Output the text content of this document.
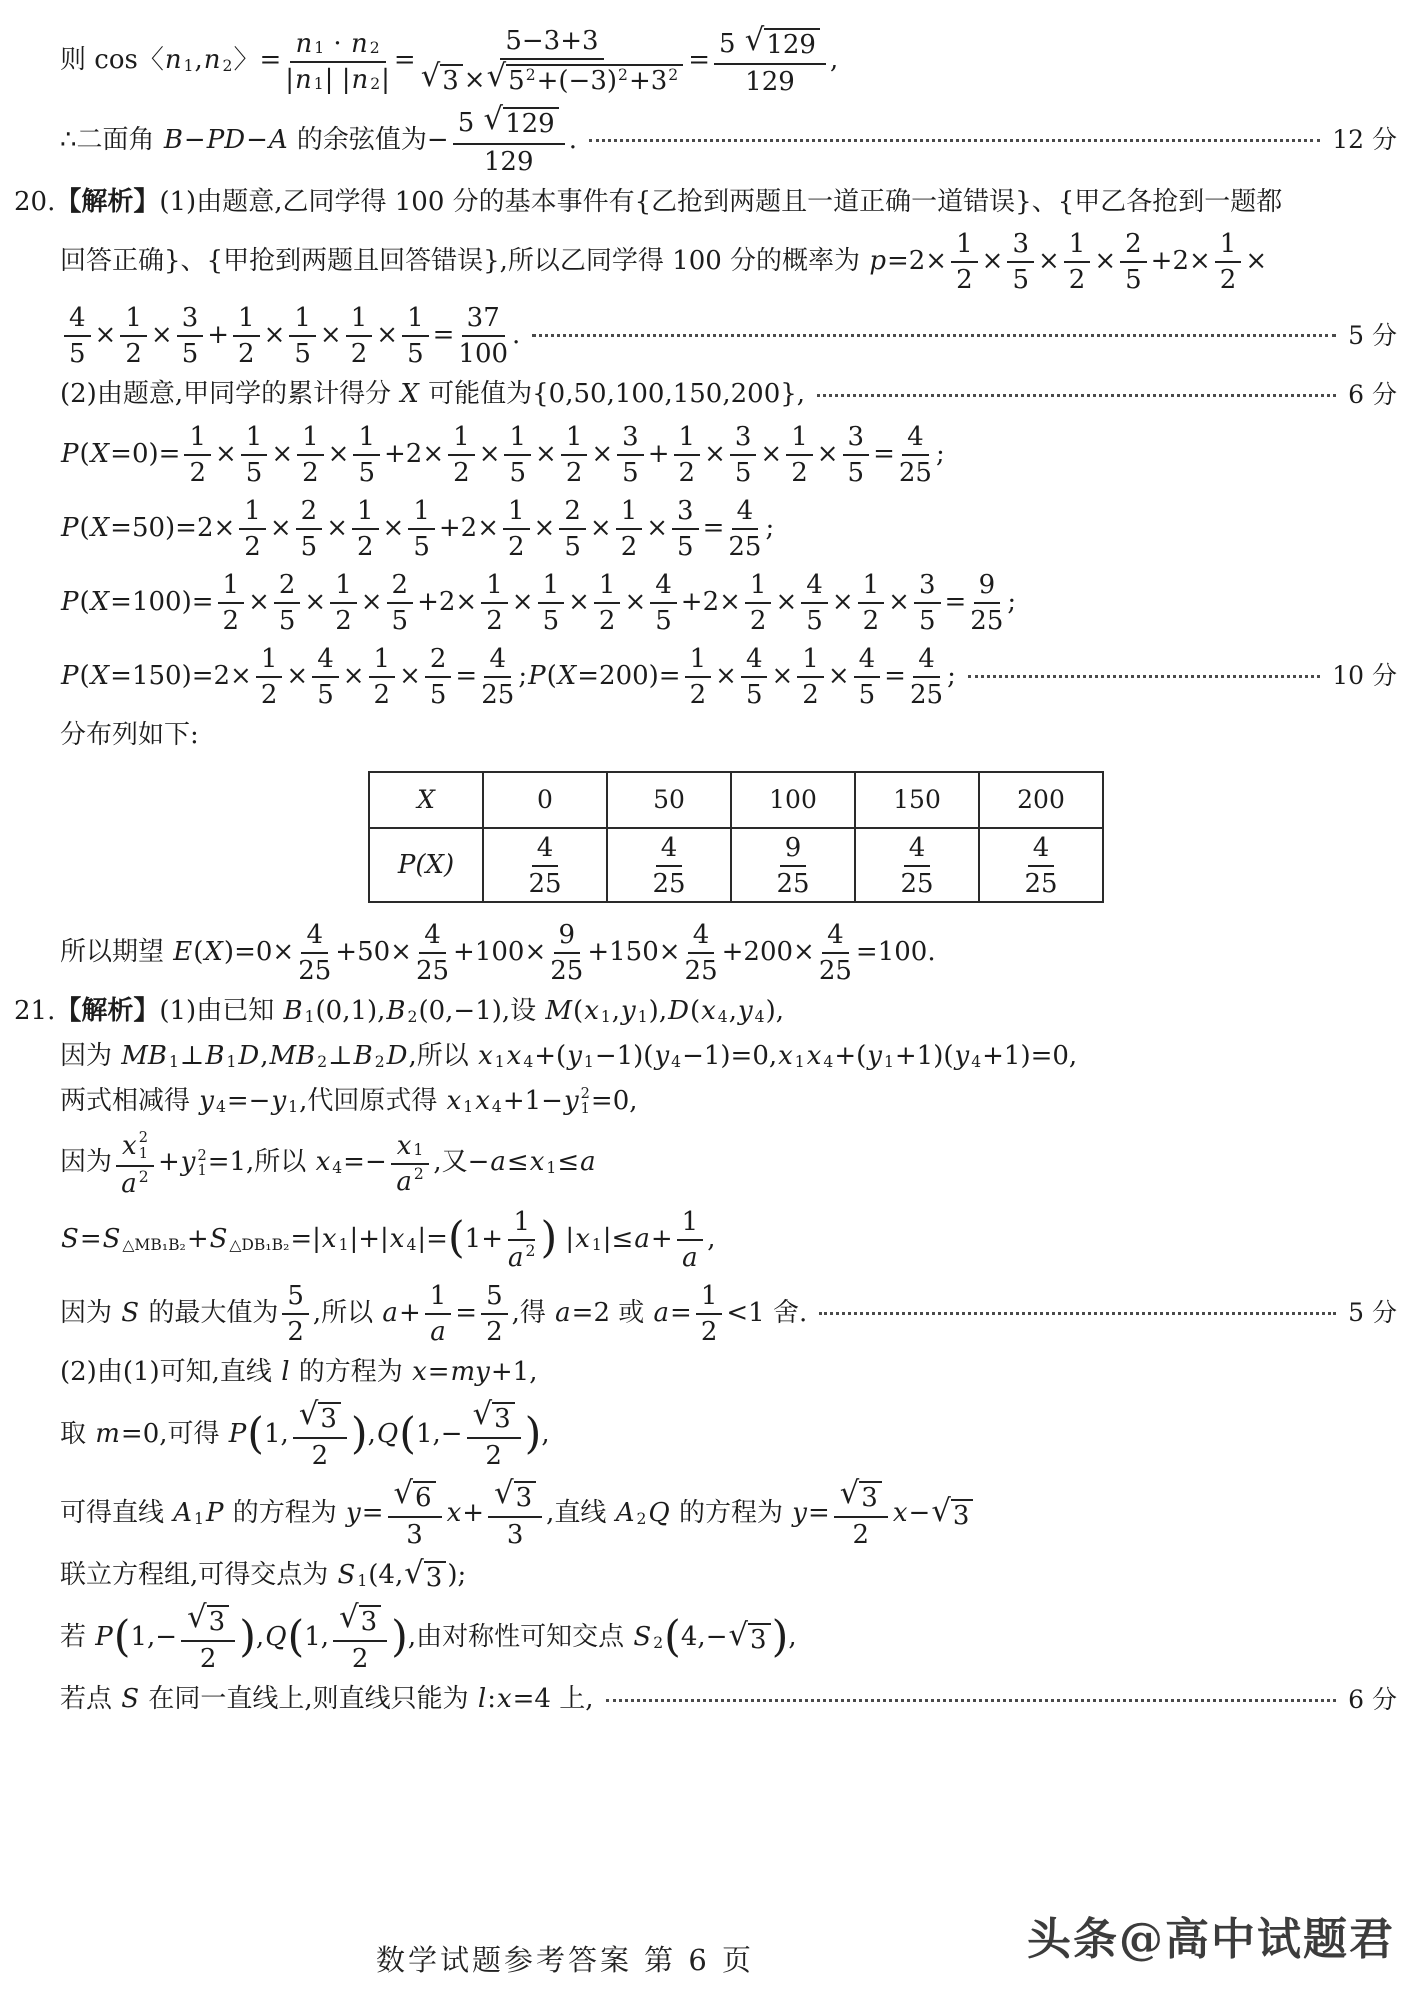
则 cos〈 n 1 , n 2 〉= $\frac{n 1 \cdot n 2}{| n 1 | | n 2 |} = \frac{5-3+3}{√ 3 \times √ 5 2 +(-3) 2 +3 2} = \frac{5 √ 129}{129}$ ,
∴二面角 B − PD − A 的余弦值为− $\frac{5 √ 129}{129}$ .	12 分
20. 【解析】 (1)由题意,乙同学得 100 分的基本事件有{乙抢到两题且一道正确一道错误}、{甲乙各抢到一题都
回答正确}、{甲抢到两题且回答错误},所以乙同学得 100 分的概率为 $p =2\times \frac{1}{2} \times \frac{3}{5} \times \frac{1}{2} \times \frac{2}{5} +2\times \frac{1}{2}$ ×
$\frac{4}{5} \times \frac{1}{2} \times \frac{3}{5} + \frac{1}{2} \times \frac{1}{5} \times \frac{1}{2} \times \frac{1}{5} = \frac{37}{100}$ .	5 分
(2)由题意,甲同学的累计得分 X 可能值为{0,50,100,150,200},	6 分
P ( $X =0)= \frac{1}{2} \times \frac{1}{5} \times \frac{1}{2} \times \frac{1}{5} +2\times \frac{1}{2} \times \frac{1}{5} \times \frac{1}{2} \times \frac{3}{5} + \frac{1}{2} \times \frac{3}{5} \times \frac{1}{2} \times \frac{3}{5} = \frac{4}{25}$ ;
P ( $X =50)=2\times \frac{1}{2} \times \frac{2}{5} \times \frac{1}{2} \times \frac{1}{5} +2\times \frac{1}{2} \times \frac{2}{5} \times \frac{1}{2} \times \frac{3}{5} = \frac{4}{25}$ ;
P ( $X =100)= \frac{1}{2} \times \frac{2}{5} \times \frac{1}{2} \times \frac{2}{5} +2\times \frac{1}{2} \times \frac{1}{5} \times \frac{1}{2} \times \frac{4}{5} +2\times \frac{1}{2} \times \frac{4}{5} \times \frac{1}{2} \times \frac{3}{5} = \frac{9}{25}$ ;
P ( $X =150)=2\times \frac{1}{2} \times \frac{4}{5} \times \frac{1}{2} \times \frac{2}{5} = \frac{4}{25}$ ; P ( $X =200)= \frac{1}{2} \times \frac{4}{5} \times \frac{1}{2} \times \frac{4}{5} = \frac{4}{25}$ ;	10 分
分布列如下:
X	0	50	100	150	200
P(X)	$\frac{4}{25}$	$\frac{4}{25}$	$\frac{9}{25}$	$\frac{4}{25}$	$\frac{4}{25}$
所以期望 E ( X )$=0\times \frac{4}{25} +50\times \frac{4}{25} +100\times \frac{9}{25} +150\times \frac{4}{25} +200\times \frac{4}{25} =100$.
21. 【解析】 (1)由已知 B 1 (0,1), B 2 (0,−1),设 M ( x 1 , y 1 ), D ( x 4 , y 4 ),
因为 MB 1 ⊥ B 1 D , MB 2 ⊥ B 2 D ,所以 x 1 x 4 +( y 1 −1)( y 4 −1)=0, x 1 x 4 +( y 1 +1)( y 4 +1)=0,
两式相减得 y 4 =− y 1 ,代回原式得 x 1 x 4 +1− y 2
1 =0,
因为 x 2
1
a 2 + y 2
1 =1,所以 x $4 =- \frac{x 1}{a 2}$ ,又− a ≤ x 1 ≤ a
S = S △MB₁B₂ + S △DB₁B₂ =| x 1 |+| x 4 |= ( $1+ \frac{1}{a 2}$ ) | x 1 |≤ $a + \frac{1}{a}$ ,
因为 S 的最大值为 $\frac{5}{2}$ ,所以 $a + \frac{1}{a} = \frac{5}{2}$ ,得 a =2 或 $a = \frac{1}{2} <1$ 舍.	5 分
(2)由(1)可知,直线 l 的方程为 x = my +1,
取 m =0,可得 P ( 1, $\frac{√ 3}{2}$ ) , Q ( $1,- \frac{√ 3}{2}$ ) ,
可得直线 A 1 P 的方程为 $y = \frac{√ 6}{3}$ $x + \frac{√ 3}{3}$ ,直线 A 2 Q 的方程为 $y = \frac{√ 3}{2}$ x − √ 3
联立方程组,可得交点为 S 1 (4, √ 3 );
若 P ( $1,- \frac{√ 3}{2}$ ) , Q ( 1, $\frac{√ 3}{2}$ ) ,由对称性可知交点 S 2 ( 4,− √ 3 ) ,
若点 S 在同一直线上,则直线只能为 l : x =4 上,	6 分
数学试题参考答案 第 6 页	头条@高中试题君
